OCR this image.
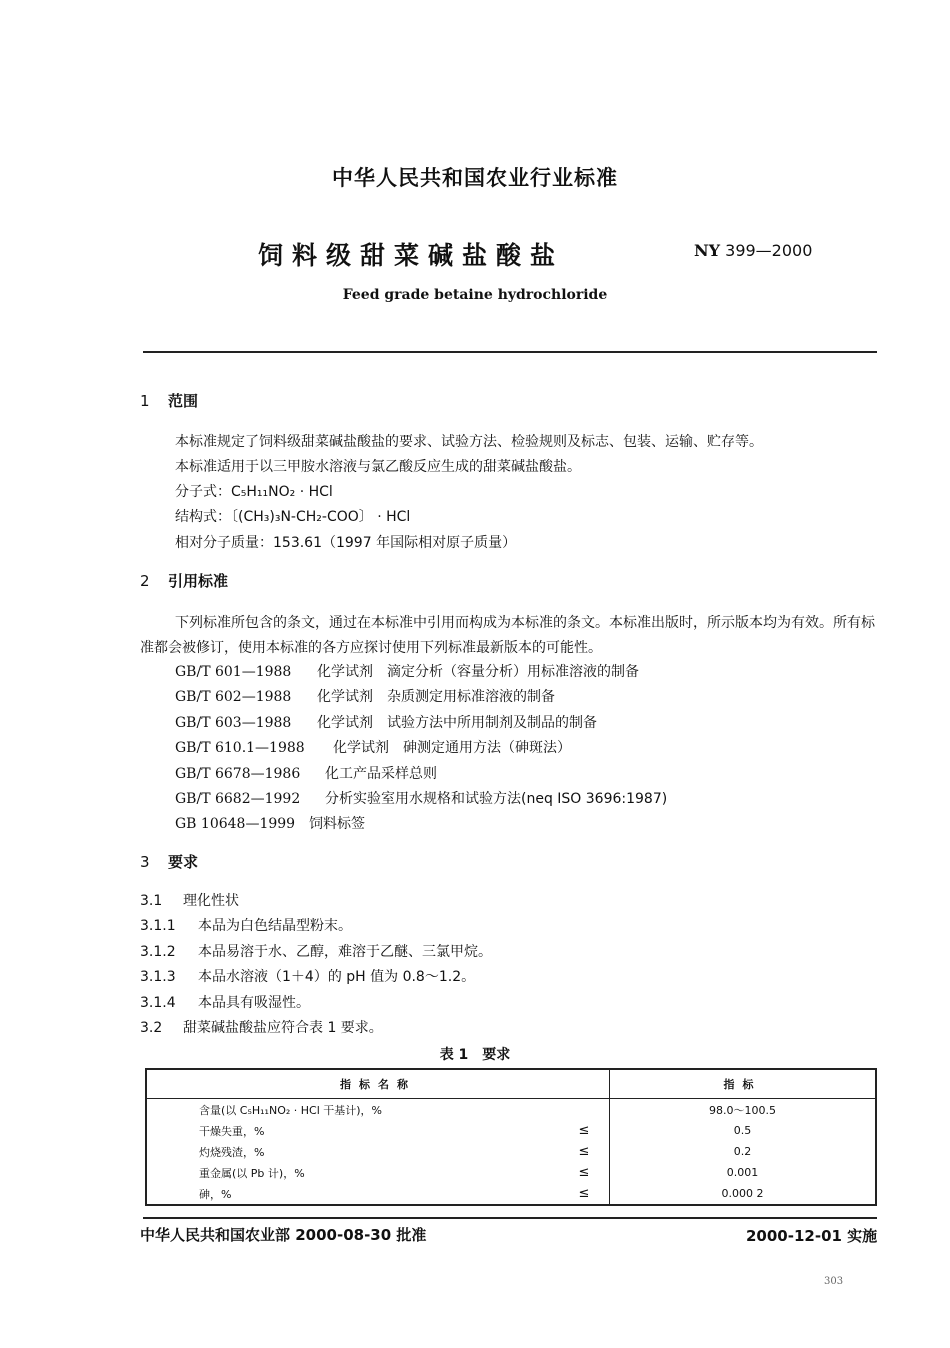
中华人民共和国农业行业标准
饲料级甜菜碱盐酸盐	NY 399—2000
Feed grade betaine hydrochloride
1 范围
本标准规定了饲料级甜菜碱盐酸盐的要求、试验方法、检验规则及标志、包装、运输、贮存等。
本标准适用于以三甲胺水溶液与氯乙酸反应生成的甜菜碱盐酸盐。
分子式：C₅H₁₁NO₂ · HCl
结构式：〔(CH₃)₃N-CH₂-COO〕 · HCl
相对分子质量：153.61（1997 年国际相对原子质量）
2 引用标准
下列标准所包含的条文，通过在本标准中引用而构成为本标准的条文。本标准出版时，所示版本均为有效。所有标准都会被修订，使用本标准的各方应探讨使用下列标准最新版本的可能性。
GB/T 601—1988 化学试剂　滴定分析（容量分析）用标准溶液的制备
GB/T 602—1988 化学试剂　杂质测定用标准溶液的制备
GB/T 603—1988 化学试剂　试验方法中所用制剂及制品的制备
GB/T 610.1—1988 化学试剂　砷测定通用方法（砷斑法）
GB/T 6678—1986 化工产品采样总则
GB/T 6682—1992 分析实验室用水规格和试验方法(neq ISO 3696:1987)
GB 10648—1999 饲料标签
3 要求
3.1 理化性状
3.1.1 本品为白色结晶型粉末。
3.1.2 本品易溶于水、乙醇，难溶于乙醚、三氯甲烷。
3.1.3 本品水溶液（1＋4）的 pH 值为 0.8～1.2。
3.1.4 本品具有吸湿性。
3.2 甜菜碱盐酸盐应符合表 1 要求。
表 1　要求
指标名称		指标
含量(以 C₅H₁₁NO₂ · HCl 干基计)，%		98.0～100.5
干燥失重，%	≤	0.5
灼烧残渣，%	≤	0.2
重金属(以 Pb 计)，%	≤	0.001
砷，%	≤	0.000 2
中华人民共和国农业部 2000-08-30 批准	2000-12-01 实施
303
